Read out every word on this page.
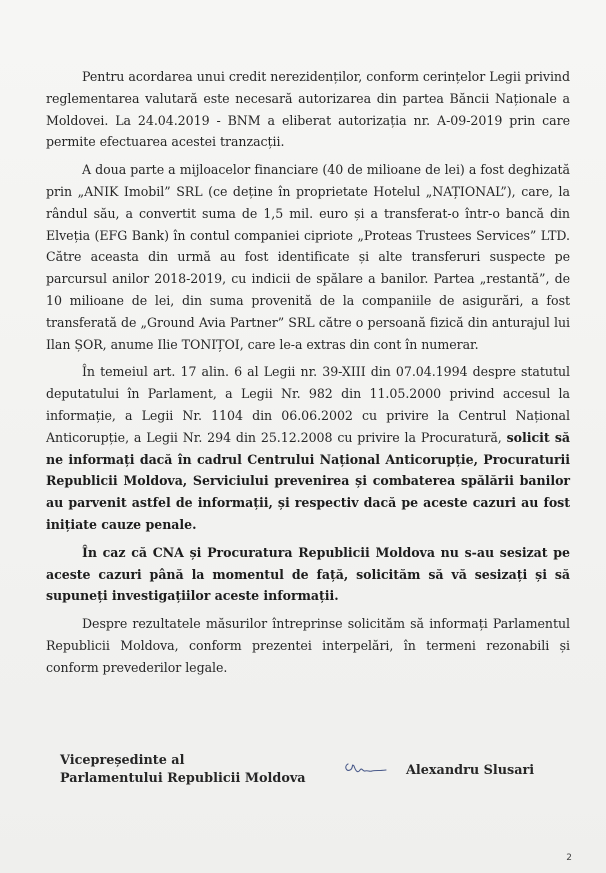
Pentru acordarea unui credit nerezidenților, conform cerințelor Legii privind reglementarea valutară este necesară autorizarea din partea Băncii Naționale a Moldovei. La 24.04.2019 - BNM a eliberat autorizația nr. A-09-2019 prin care permite efectuarea acestei tranzacții.

A doua parte a mijloacelor financiare (40 de milioane de lei) a fost deghizată prin „ANIK Imobil” SRL (ce deține în proprietate Hotelul „NAȚIONAL”), care, la rândul său, a convertit suma de 1,5 mil. euro și a transferat-o într-o bancă din Elveția (EFG Bank) în contul companiei cipriote „Proteas Trustees Services” LTD. Către aceasta din urmă au fost identificate și alte transferuri suspecte pe parcursul anilor 2018-2019, cu indicii de spălare a banilor. Partea „restantă”, de 10 milioane de lei, din suma provenită de la companiile de asigurări, a fost transferată de „Ground Avia Partner” SRL către o persoană fizică din anturajul lui Ilan ȘOR, anume Ilie TONIȚOI, care le-a extras din cont în numerar.

În temeiul art. 17 alin. 6 al Legii nr. 39-XIII din 07.04.1994 despre statutul deputatului în Parlament, a Legii Nr. 982 din 11.05.2000 privind accesul la informație, a Legii Nr. 1104 din 06.06.2002 cu privire la Centrul Național Anticorupție, a Legii Nr. 294 din 25.12.2008 cu privire la Procuratură, solicit să ne informați dacă în cadrul Centrului Național Anticorupție, Procuraturii Republicii Moldova, Serviciului prevenirea și combaterea spălării banilor au parvenit astfel de informații, și respectiv dacă pe aceste cazuri au fost inițiate cauze penale.

În caz că CNA și Procuratura Republicii Moldova nu s-au sesizat pe aceste cazuri până la momentul de față, solicităm să vă sesizați și să supuneți investigațiilor aceste informații.

Despre rezultatele măsurilor întreprinse solicităm să informați Parlamentul Republicii Moldova, conform prezentei interpelări, în termeni rezonabili și conform prevederilor legale.

Vicepreședinte al
Parlamentului Republicii Moldova
Alexandru Slusari
2
